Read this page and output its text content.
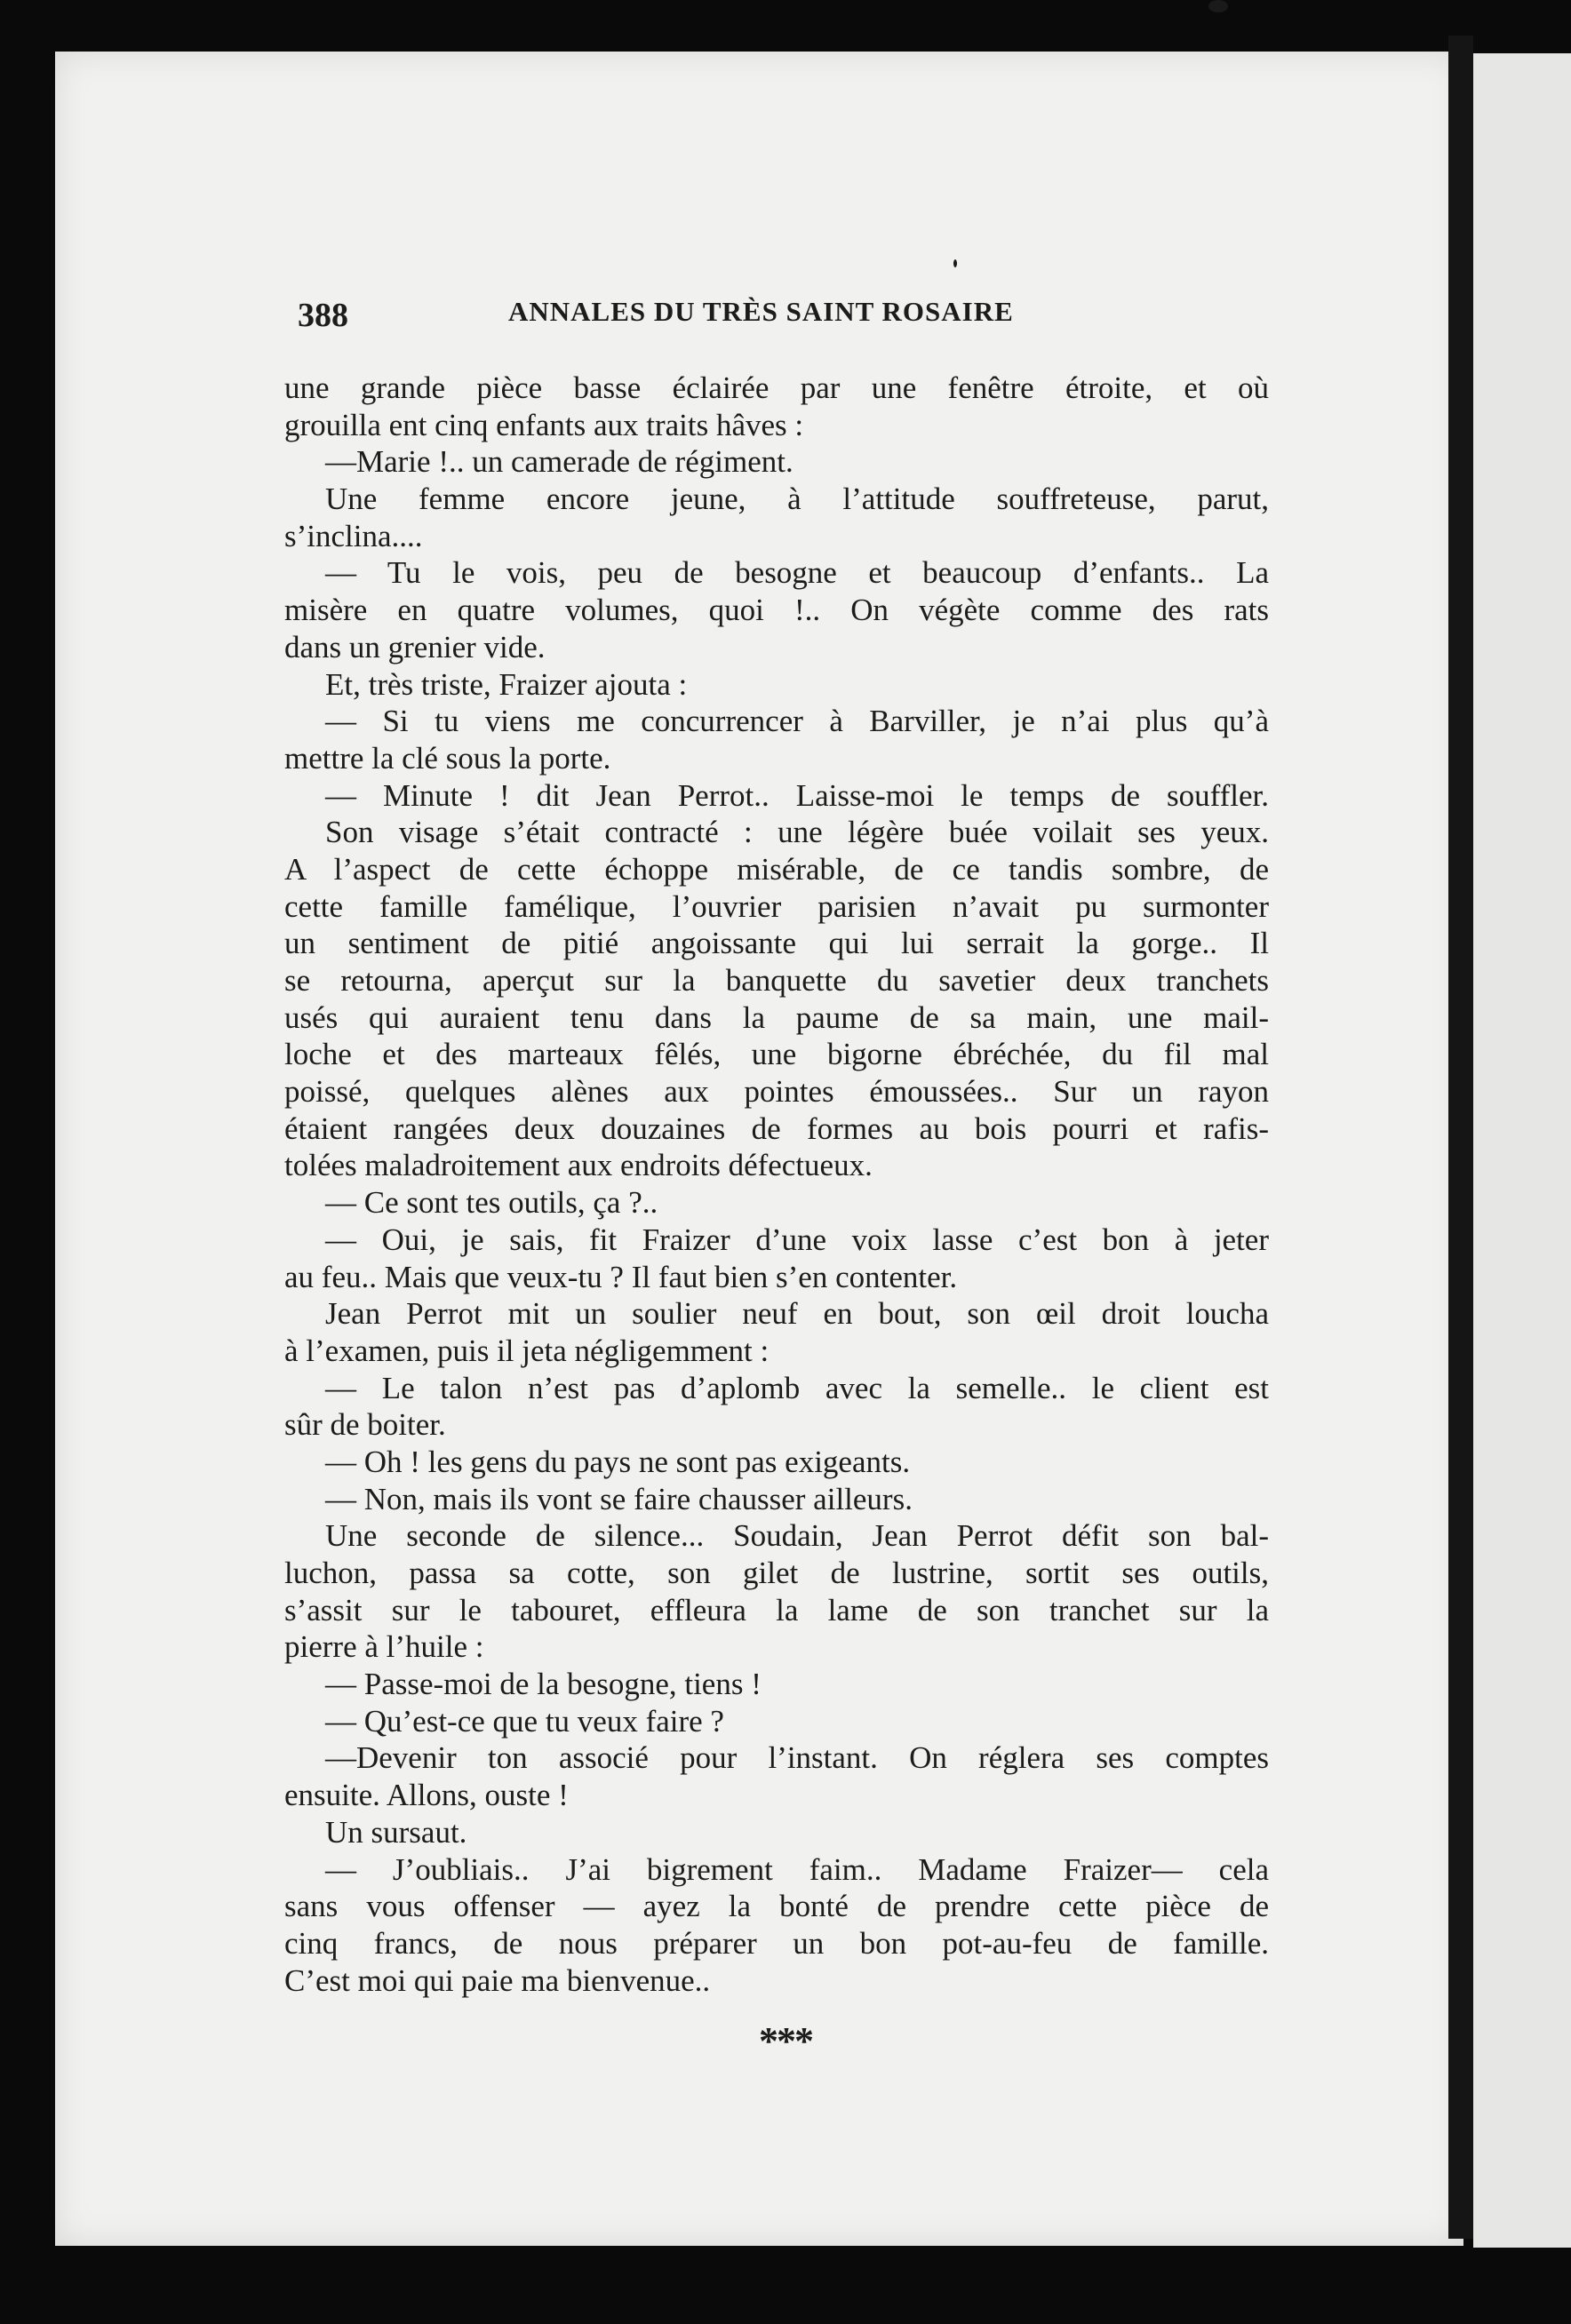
388	ANNALES DU TRÈS SAINT ROSAIRE
une grande pièce basse éclairée par une fenêtre étroite, et où
grouilla ent cinq enfants aux traits hâves :
—Marie !.. un camerade de régiment.
Une femme encore jeune, à l’attitude souffreteuse, parut,
s’inclina....
— Tu le vois, peu de besogne et beaucoup d’enfants.. La
misère en quatre volumes, quoi !.. On végète comme des rats
dans un grenier vide.
Et, très triste, Fraizer ajouta :
— Si tu viens me concurrencer à Barviller, je n’ai plus qu’à
mettre la clé sous la porte.
— Minute ! dit Jean Perrot.. Laisse-moi le temps de souffler.
Son visage s’était contracté : une légère buée voilait ses yeux.
A l’aspect de cette échoppe misérable, de ce tandis sombre, de
cette famille famélique, l’ouvrier parisien n’avait pu surmonter
un sentiment de pitié angoissante qui lui serrait la gorge.. Il
se retourna, aperçut sur la banquette du savetier deux tranchets
usés qui auraient tenu dans la paume de sa main, une mail-
loche et des marteaux fêlés, une bigorne ébréchée, du fil mal
poissé, quelques alènes aux pointes émoussées.. Sur un rayon
étaient rangées deux douzaines de formes au bois pourri et rafis-
tolées maladroitement aux endroits défectueux.
— Ce sont tes outils, ça ?..
— Oui, je sais, fit Fraizer d’une voix lasse c’est bon à jeter
au feu.. Mais que veux-tu ? Il faut bien s’en contenter.
Jean Perrot mit un soulier neuf en bout, son œil droit loucha
à l’examen, puis il jeta négligemment :
— Le talon n’est pas d’aplomb avec la semelle.. le client est
sûr de boiter.
— Oh ! les gens du pays ne sont pas exigeants.
— Non, mais ils vont se faire chausser ailleurs.
Une seconde de silence... Soudain, Jean Perrot défit son bal-
luchon, passa sa cotte, son gilet de lustrine, sortit ses outils,
s’assit sur le tabouret, effleura la lame de son tranchet sur la
pierre à l’huile :
— Passe-moi de la besogne, tiens !
— Qu’est-ce que tu veux faire ?
—Devenir ton associé pour l’instant. On réglera ses comptes
ensuite. Allons, ouste !
Un sursaut.
— J’oubliais.. J’ai bigrement faim.. Madame Fraizer— cela
sans vous offenser — ayez la bonté de prendre cette pièce de
cinq francs, de nous préparer un bon pot-au-feu de famille.
C’est moi qui paie ma bienvenue..
***
